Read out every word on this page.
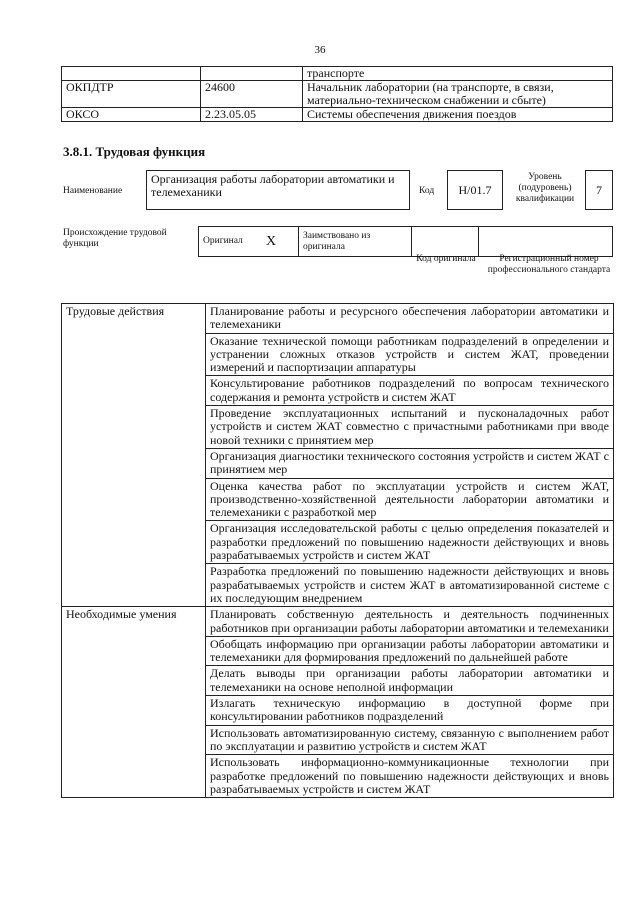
36
		транспорте
ОКПДТР	24600	Начальник лаборатории (на транспорте, в связи, материально-техническом снабжении и сбыте)
ОКСО	2.23.05.05	Системы обеспечения движения поездов
3.8.1. Трудовая функция
Наименование
Организация работы лаборатории автоматики и телемеханики	Код	H/01.7
Уровень (подуровень) квалификации
7
Происхождение трудовой функции	Оригинал	X	Заимствовано из оригинала		
Код оригинала	Регистрационный номер профессионального стандарта
Трудовые действия	Планирование работы и ресурсного обеспечения лаборатории автоматики и телемеханики
	Оказание технической помощи работникам подразделений в определении и устранении сложных отказов устройств и систем ЖАТ, проведении измерений и паспортизации аппаратуры
	Консультирование работников подразделений по вопросам технического содержания и ремонта устройств и систем ЖАТ
	Проведение эксплуатационных испытаний и пусконаладочных работ устройств и систем ЖАТ совместно с причастными работниками при вводе новой техники с принятием мер
	Организация диагностики технического состояния устройств и систем ЖАТ с принятием мер
	Оценка качества работ по эксплуатации устройств и систем ЖАТ, производственно-хозяйственной деятельности лаборатории автоматики и телемеханики с разработкой мер
	Организация исследовательской работы с целью определения показателей и разработки предложений по повышению надежности действующих и вновь разрабатываемых устройств и систем ЖАТ
	Разработка предложений по повышению надежности действующих и вновь разрабатываемых устройств и систем ЖАТ в автоматизированной системе с их последующим внедрением
Необходимые умения	Планировать собственную деятельность и деятельность подчиненных работников при организации работы лаборатории автоматики и телемеханики
	Обобщать информацию при организации работы лаборатории автоматики и телемеханики для формирования предложений по дальнейшей работе
	Делать выводы при организации работы лаборатории автоматики и телемеханики на основе неполной информации
	Излагать техническую информацию в доступной форме при консультировании работников подразделений
	Использовать автоматизированную систему, связанную с выполнением работ по эксплуатации и развитию устройств и систем ЖАТ
	Использовать информационно-коммуникационные технологии при разработке предложений по повышению надежности действующих и вновь разрабатываемых устройств и систем ЖАТ
